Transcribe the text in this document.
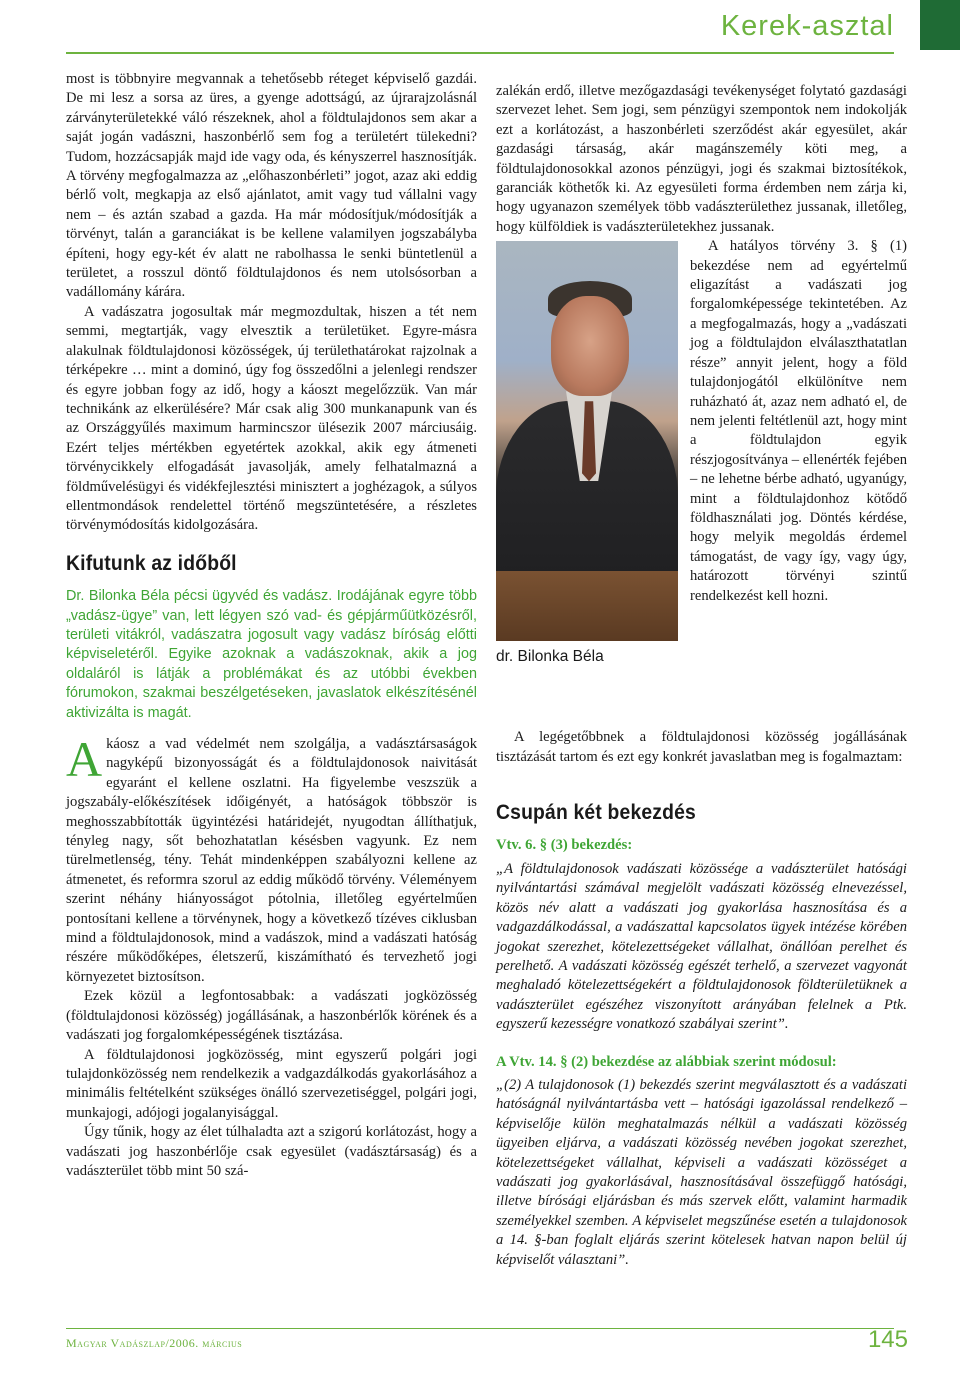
Kerek-asztal

most is többnyire megvannak a tehetősebb réteget képviselő gazdái. De mi lesz a sorsa az üres, a gyenge adottságú, az újrarajzolásnál zárványterületekké váló részeknek, ahol a földtulajdonos sem akar a saját jogán vadászni, haszonbérlő sem fog a területért tülekedni? Tudom, hozzácsapják majd ide vagy oda, és kényszerrel hasznosítják. A törvény megfogalmazza az „előhaszonbérleti” jogot, azaz aki eddig bérlő volt, megkapja az első ajánlatot, amit vagy tud vállalni vagy nem – és aztán szabad a gazda. Ha már módosítjuk/módosítják a törvényt, talán a garanciákat is be kellene valamilyen jogszabályba építeni, hogy egy-két év alatt ne rabolhassa le senki büntetlenül a területet, a rosszul döntő földtulajdonos és nem utolsósorban a vadállomány kárára.

A vadászatra jogosultak már megmozdultak, hiszen a tét nem semmi, megtartják, vagy elvesztik a területüket. Egyre-másra alakulnak földtulajdonosi közösségek, új területhatárokat rajzolnak a térképekre … mint a dominó, úgy fog összedőlni a jelenlegi rendszer és egyre jobban fogy az idő, hogy a káoszt megelőzzük. Van már technikánk az elkerülésére? Már csak alig 300 munkanapunk van és az Országgyűlés maximum harmincszor ülésezik 2007 márciusáig. Ezért teljes mértékben egyetértek azokkal, akik egy átmeneti törvénycikkely elfogadását javasolják, amely felhatalmazná a földművelésügyi és vidékfejlesztési minisztert a joghézagok, a súlyos ellentmondások rendelettel történő megszüntetésére, a részletes törvénymódosítás kidolgozására.

Kifutunk az időből
Dr. Bilonka Béla pécsi ügyvéd és vadász. Irodájának egyre több „vadász-ügye” van, lett légyen szó vad- és gépjárműütközésről, területi vitákról, vadászatra jogosult vagy vadász bíróság előtti képviseletéről. Egyike azoknak a vadászoknak, akik a jog oldaláról is látják a problémákat és az utóbbi években fórumokon, szakmai beszélgetéseken, javaslatok elkészítésénél aktivizálta is magát.

Akáosz a vad védelmét nem szolgálja, a vadásztársaságok nagyképű bizonyosságát és a földtulajdonosok naivitását egyaránt el kellene oszlatni. Ha figyelembe veszszük a jogszabály-előkészítések időigényét, a hatóságok többször is meghosszabbították ügyintézési határidejét, nyugodtan állíthatjuk, tényleg nagy, sőt behozhatatlan késésben vagyunk. Ez nem türelmetlenség, tény. Tehát mindenképpen szabályozni kellene az átmenetet, és reformra szorul az eddig működő törvény. Véleményem szerint néhány hiányosságot pótolnia, illetőleg egyértelműen pontosítani kellene a törvénynek, hogy a következő tízéves ciklusban mind a földtulajdonosok, mind a vadászok, mind a vadászati hatóság részére működőképes, életszerű, kiszámítható és tervezhető jogi környezetet biztosítson.

Ezek közül a legfontosabbak: a vadászati jogközösség (földtulajdonosi közösség) jogállásának, a haszonbérlők körének és a vadászati jog forgalomképességének tisztázása.

A földtulajdonosi jogközösség, mint egyszerű polgári jogi tulajdonközösség nem rendelkezik a vadgazdálkodás gyakorlásához a minimális feltételként szükséges önálló szervezetiséggel, polgári jogi, munkajogi, adójogi jogalanyisággal.

Úgy tűnik, hogy az élet túlhaladta azt a szigorú korlátozást, hogy a vadászati jog haszonbérlője csak egyesület (vadásztársaság) és a vadászterület több mint 50 szá-

zalékán erdő, illetve mezőgazdasági tevékenységet folytató gazdasági szervezet lehet. Sem jogi, sem pénzügyi szempontok nem indokolják ezt a korlátozást, a haszonbérleti szerződést akár egyesület, akár gazdasági társaság, akár magánszemély köti meg, a földtulajdonosokkal azonos pénzügyi, jogi és szakmai biztosítékok, garanciák köthetők ki. Az egyesületi forma érdemben nem zárja ki, hogy ugyanazon személyek több vadászterülethez jussanak, illetőleg, hogy külföldiek is vadászterületekhez jussanak.

dr. Bilonka Béla

A hatályos törvény 3. § (1) bekezdése nem ad egyértelmű eligazítást a vadászati jog forgalomképessége tekintetében. Az a megfogalmazás, hogy a „vadászati jog a földtulajdon elválaszthatatlan része” annyit jelent, hogy a föld tulajdonjogától elkülönítve nem ruházható át, azaz nem adható el, de nem jelenti feltétlenül azt, hogy mint a földtulajdon egyik részjogosítványa – ellenérték fejében – ne lehetne bérbe adható, ugyanúgy, mint a földtulajdonhoz kötődő földhasználati jog. Döntés kérdése, hogy melyik megoldás érdemel támogatást, de vagy így, vagy úgy, határozott törvényi szintű rendelkezést kell hozni.

A legégetőbbnek a földtulajdonosi közösség jogállásának tisztázását tartom és ezt egy konkrét javaslatban meg is fogalmaztam:

Csupán két bekezdés
Vtv. 6. § (3) bekezdés:

„A földtulajdonosok vadászati közössége a vadászterület hatósági nyilvántartási számával megjelölt vadászati közösség elnevezéssel, közös név alatt a vadászati jog gyakorlása hasznosítása és a vadgazdálkodással, a vadászattal kapcsolatos ügyek intézése körében jogokat szerezhet, kötelezettségeket vállalhat, önállóan perelhet és perelhető. A vadászati közösség egészét terhelő, a szervezet vagyonát meghaladó kötelezettségekért a földtulajdonosok földterületüknek a vadászterület egészéhez viszonyított arányában felelnek a Ptk. egyszerű kezességre vonatkozó szabályai szerint”.

A Vtv. 14. § (2) bekezdése az alábbiak szerint módosul:

„(2) A tulajdonosok (1) bekezdés szerint megválasztott és a vadászati hatóságnál nyilvántartásba vett – hatósági igazolással rendelkező – képviselője külön meghatalmazás nélkül a vadászati közösség ügyeiben eljárva, a vadászati közösség nevében jogokat szerezhet, kötelezettségeket vállalhat, képviseli a vadászati közösséget a vadászati jog gyakorlásával, hasznosításával összefüggő hatósági, illetve bírósági eljárásban és más szervek előtt, valamint harmadik személyekkel szemben. A képviselet megszűnése esetén a tulajdonosok a 14. §-ban foglalt eljárás szerint kötelesek hatvan napon belül új képviselőt választani”.

Magyar Vadászlap/2006. március	145
